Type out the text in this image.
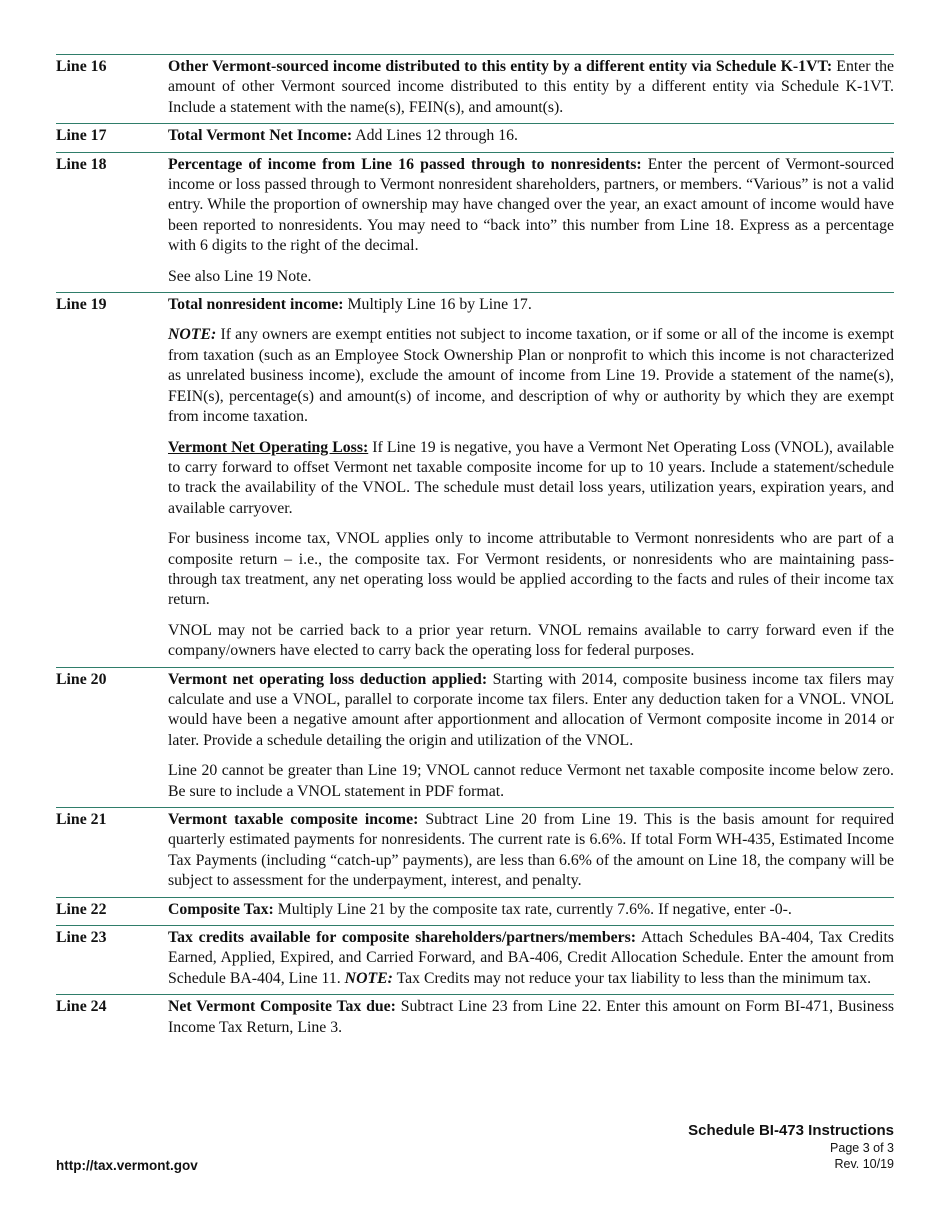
Line 16	Other Vermont-sourced income distributed to this entity by a different entity via Schedule K-1VT: Enter the amount of other Vermont sourced income distributed to this entity by a different entity via Schedule K-1VT. Include a statement with the name(s), FEIN(s), and amount(s).

Line 17	Total Vermont Net Income: Add Lines 12 through 16.

Line 18	Percentage of income from Line 16 passed through to nonresidents: Enter the percent of Vermont-sourced income or loss passed through to Vermont nonresident shareholders, partners, or members. “Various” is not a valid entry. While the proportion of ownership may have changed over the year, an exact amount of income would have been reported to nonresidents. You may need to “back into” this number from Line 18. Express as a percentage with 6 digits to the right of the decimal.

See also Line 19 Note.

Line 19	Total nonresident income: Multiply Line 16 by Line 17.

NOTE: If any owners are exempt entities not subject to income taxation, or if some or all of the income is exempt from taxation (such as an Employee Stock Ownership Plan or nonprofit to which this income is not characterized as unrelated business income), exclude the amount of income from Line 19. Provide a statement of the name(s), FEIN(s), percentage(s) and amount(s) of income, and description of why or authority by which they are exempt from income taxation.

Vermont Net Operating Loss: If Line 19 is negative, you have a Vermont Net Operating Loss (VNOL), available to carry forward to offset Vermont net taxable composite income for up to 10 years. Include a statement/schedule to track the availability of the VNOL. The schedule must detail loss years, utilization years, expiration years, and available carryover.

For business income tax, VNOL applies only to income attributable to Vermont nonresidents who are part of a composite return – i.e., the composite tax. For Vermont residents, or nonresidents who are maintaining pass-through tax treatment, any net operating loss would be applied according to the facts and rules of their income tax return.

VNOL may not be carried back to a prior year return. VNOL remains available to carry forward even if the company/owners have elected to carry back the operating loss for federal purposes.

Line 20	Vermont net operating loss deduction applied: Starting with 2014, composite business income tax filers may calculate and use a VNOL, parallel to corporate income tax filers. Enter any deduction taken for a VNOL. VNOL would have been a negative amount after apportionment and allocation of Vermont composite income in 2014 or later. Provide a schedule detailing the origin and utilization of the VNOL.

Line 20 cannot be greater than Line 19; VNOL cannot reduce Vermont net taxable composite income below zero. Be sure to include a VNOL statement in PDF format.

Line 21	Vermont taxable composite income: Subtract Line 20 from Line 19. This is the basis amount for required quarterly estimated payments for nonresidents. The current rate is 6.6%. If total Form WH-435, Estimated Income Tax Payments (including “catch-up” payments), are less than 6.6% of the amount on Line 18, the company will be subject to assessment for the underpayment, interest, and penalty.

Line 22	Composite Tax: Multiply Line 21 by the composite tax rate, currently 7.6%. If negative, enter -0-.

Line 23	Tax credits available for composite shareholders/partners/members: Attach Schedules BA-404, Tax Credits Earned, Applied, Expired, and Carried Forward, and BA-406, Credit Allocation Schedule. Enter the amount from Schedule BA-404, Line 11. NOTE: Tax Credits may not reduce your tax liability to less than the minimum tax.

Line 24	Net Vermont Composite Tax due: Subtract Line 23 from Line 22. Enter this amount on Form BI-471, Business Income Tax Return, Line 3.

Schedule BI-473 Instructions
Page 3 of 3
Rev. 10/19
http://tax.vermont.gov
